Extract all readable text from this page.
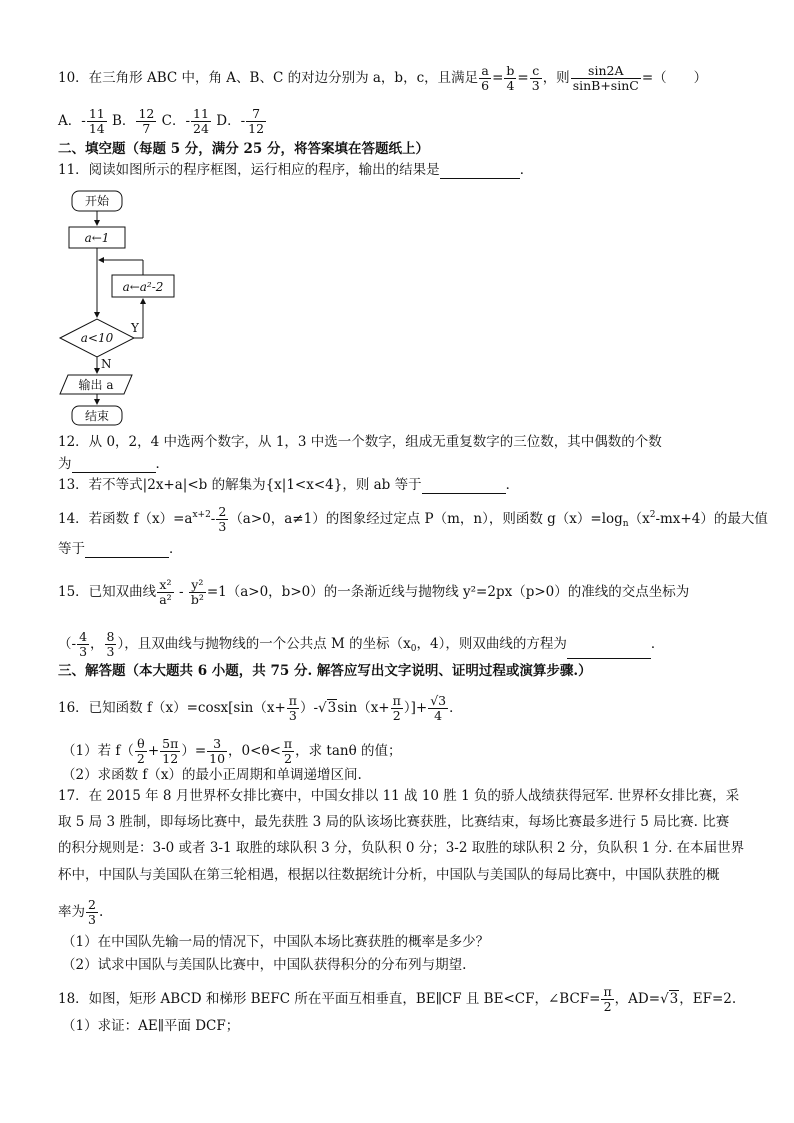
10．在三角形 ABC 中，角 A、B、C 的对边分别为 a，b，c，且满足 $\frac{a}{6} = \frac{b}{4} = \frac{c}{3}$ ，则 $\frac{\sin 2A}{\sin B+\sin C}$ =（　　）
A．- $\frac{11}{14}$ B． $\frac{12}{7}$ C．- $\frac{11}{24}$ D．- $\frac{7}{12}$
二、填空题（每题 5 分，满分 25 分，将答案填在答题纸上）
11．阅读如图所示的程序框图，运行相应的程序，输出的结果是	．
开始
a←1
a←a²-2
a<10
Y
N
输出 a
结束
12．从 0，2，4 中选两个数字，从 1，3 中选一个数字，组成无重复数字的三位数，其中偶数的个数
为	．
13．若不等式|2x+a|<b 的解集为{x|1<x<4}，则 ab 等于	．
14．若函数 $f(x)=a^{x+2}- \frac{2}{3} (a>0$，a≠1）的图象经过定点 P（m，n），则函数 $g(x)=\log_n(x^2-mx+4)$的最大值
等于	．
15．已知双曲线 $\frac{\text{x²}}{\text{a²}} - \frac{\text{y²}}{\text{b²}} =1(a>0$，b>0）的一条渐近线与抛物线 y²=2px（p>0）的准线的交点坐标为
（- $\frac{4}{3}$ ， $\frac{8}{3}$ ），且双曲线与抛物线的一个公共点 M 的坐标（$x_0$，4），则双曲线的方程为	．
三、解答题（本大题共 6 小题，共 75 分. 解答应写出文字说明、证明过程或演算步骤.）
16．已知函数 $f(x)=\cos x[\sin(x+ \frac{\pi}{3} )-√3\sin(x+ \frac{\pi}{2}$ ）]+ $\frac{√3}{4}$ ．
（1）若 $f( \frac{\theta}{2} + \frac{5\pi}{12}$ ）= $\frac{3}{10}$ ，$0<\theta< \frac{\pi}{2}$ ，求 tanθ 的值；
（2）求函数 f（x）的最小正周期和单调递增区间.
17．在 2015 年 8 月世界杯女排比赛中，中国女排以 11 战 10 胜 1 负的骄人战绩获得冠军. 世界杯女排比赛，采
取 5 局 3 胜制，即每场比赛中，最先获胜 3 局的队该场比赛获胜，比赛结束，每场比赛最多进行 5 局比赛. 比赛
的积分规则是：3-0 或者 3-1 取胜的球队积 3 分，负队积 0 分；3-2 取胜的球队积 2 分，负队积 1 分. 在本届世界
杯中，中国队与美国队在第三轮相遇，根据以往数据统计分析，中国队与美国队的每局比赛中，中国队获胜的概
率为 $\frac{2}{3}$ .
（1）在中国队先输一局的情况下，中国队本场比赛获胜的概率是多少？
（2）试求中国队与美国队比赛中，中国队获得积分的分布列与期望.
18．如图，矩形 ABCD 和梯形 BEFC 所在平面互相垂直，BE∥CF 且 BE<CF，∠BCF= $\frac{\pi}{2}$ ，AD=√3，EF=2.
（1）求证：AE∥平面 DCF；
